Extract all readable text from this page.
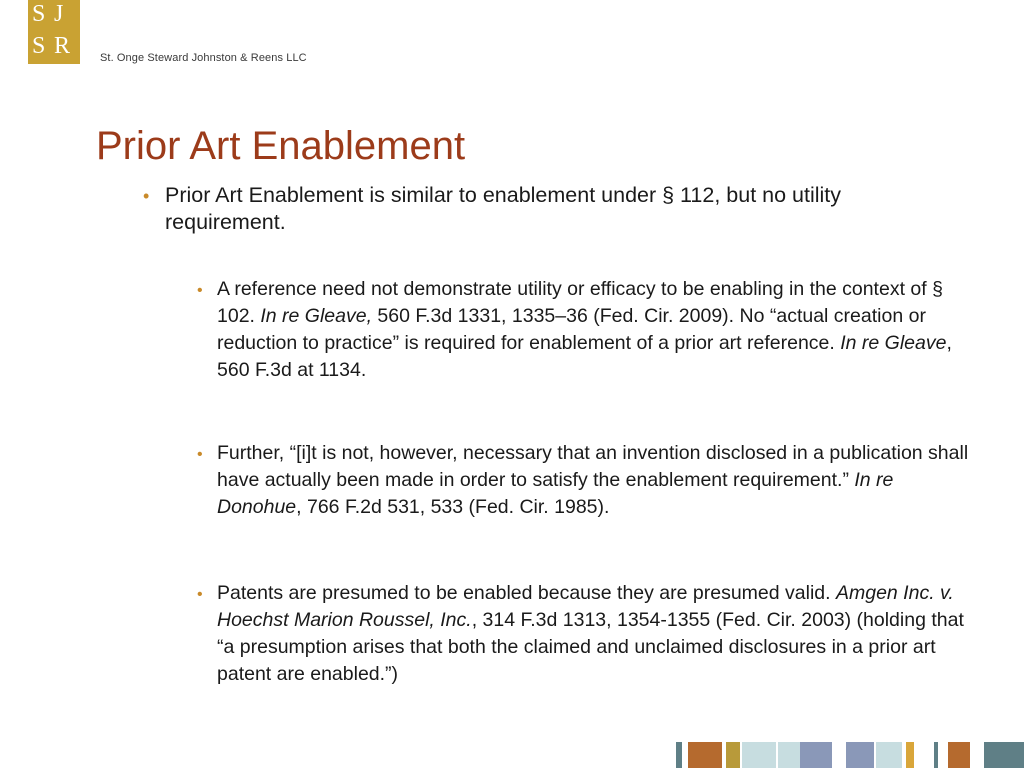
S J
S R	St. Onge Steward Johnston & Reens LLC
Prior Art Enablement
• Prior Art Enablement is similar to enablement under § 112, but no utility requirement.
• A reference need not demonstrate utility or efficacy to be enabling in the context of § 102. In re Gleave, 560 F.3d 1331, 1335–36 (Fed. Cir. 2009). No “actual creation or reduction to practice” is required for enablement of a prior art reference. In re Gleave, 560 F.3d at 1134.
• Further, “[i]t is not, however, necessary that an invention disclosed in a publication shall have actually been made in order to satisfy the enablement requirement.” In re Donohue, 766 F.2d 531, 533 (Fed. Cir. 1985).
• Patents are presumed to be enabled because they are presumed valid. Amgen Inc. v. Hoechst Marion Roussel, Inc., 314 F.3d 1313, 1354-1355 (Fed. Cir. 2003) (holding that “a presumption arises that both the claimed and unclaimed disclosures in a prior art patent are enabled.”)
